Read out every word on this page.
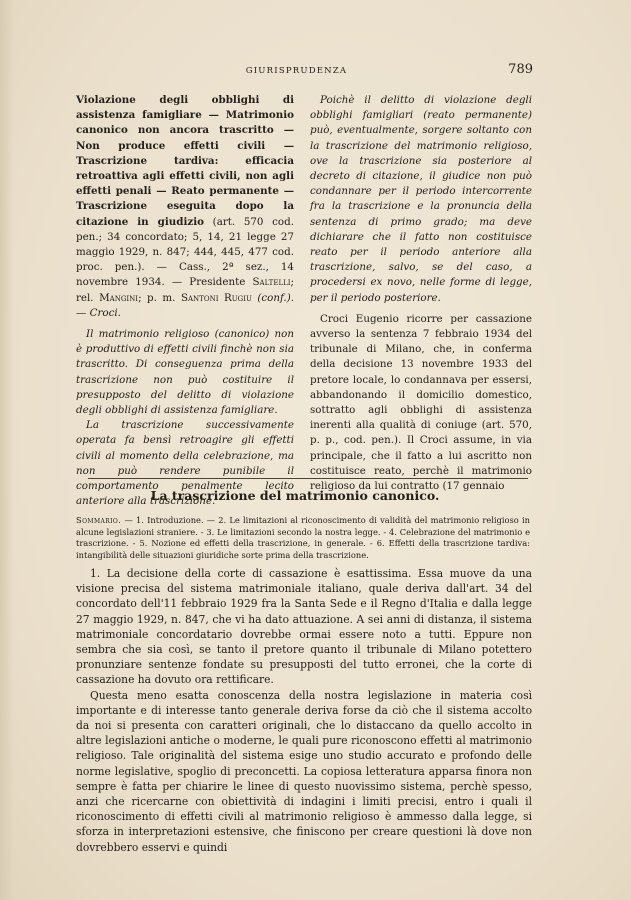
GIURISPRUDENZA	789

Violazione degli obblighi di assistenza famigliare — Matrimonio canonico non ancora trascritto — Non produce effetti civili — Trascrizione tardiva: efficacia retroattiva agli effetti civili, non agli effetti penali — Reato permanente — Trascrizione eseguita dopo la citazione in giudizio (art. 570 cod. pen.; 34 concordato; 5, 14, 21 legge 27 maggio 1929, n. 847; 444, 445, 477 cod. proc. pen.). — Cass., 2ª sez., 14 novembre 1934. — Presidente Saltelli; rel. Mangini; p. m. Santoni Rugiu (conf.). — Croci.

Il matrimonio religioso (canonico) non è produttivo di effetti civili finchè non sia trascritto. Di conseguenza prima della trascrizione non può costituire il presupposto del delitto di violazione degli obblighi di assistenza famigliare.

La trascrizione successivamente operata fa bensì retroagire gli effetti civili al momento della celebrazione, ma non può rendere punibile il comportamento penalmente lecito anteriore alla trascrizione.

Poichè il delitto di violazione degli obblighi famigliari (reato permanente) può, eventualmente, sorgere soltanto con la trascrizione del matrimonio religioso, ove la trascrizione sia posteriore al decreto di citazione, il giudice non può condannare per il periodo intercorrente fra la trascrizione e la pronuncia della sentenza di primo grado; ma deve dichiarare che il fatto non costituisce reato per il periodo anteriore alla trascrizione, salvo, se del caso, a procedersi ex novo, nelle forme di legge, per il periodo posteriore.

Croci Eugenio ricorre per cassazione avverso la sentenza 7 febbraio 1934 del tribunale di Milano, che, in conferma della decisione 13 novembre 1933 del pretore locale, lo condannava per essersi, abbandonando il domicilio domestico, sottratto agli obblighi di assistenza inerenti alla qualità di coniuge (art. 570, p. p., cod. pen.). Il Croci assume, in via principale, che il fatto a lui ascritto non costituisce reato, perchè il matrimonio religioso da lui contratto (17 gennaio

La trascrizione del matrimonio canonico.
Sommario. — 1. Introduzione. — 2. Le limitazioni al riconoscimento di validità del matrimonio religioso in alcune legislazioni straniere. - 3. Le limitazioni secondo la nostra legge. - 4. Celebrazione del matrimonio e trascrizione. - 5. Nozione ed effetti della trascrizione, in generale. - 6. Effetti della trascrizione tardiva: intangibilità delle situazioni giuridiche sorte prima della trascrizione.

1. La decisione della corte di cassazione è esattissima. Essa muove da una visione precisa del sistema matrimoniale italiano, quale deriva dall'art. 34 del concordato dell'11 febbraio 1929 fra la Santa Sede e il Regno d'Italia e dalla legge 27 maggio 1929, n. 847, che vi ha dato attuazione. A sei anni di distanza, il sistema matrimoniale concordatario dovrebbe ormai essere noto a tutti. Eppure non sembra che sia così, se tanto il pretore quanto il tribunale di Milano potettero pronunziare sentenze fondate su presupposti del tutto erronei, che la corte di cassazione ha dovuto ora rettificare.

Questa meno esatta conoscenza della nostra legislazione in materia così importante e di interesse tanto generale deriva forse da ciò che il sistema accolto da noi si presenta con caratteri originali, che lo distaccano da quello accolto in altre legislazioni antiche o moderne, le quali pure riconoscono effetti al matrimonio religioso. Tale originalità del sistema esige uno studio accurato e profondo delle norme legislative, spoglio di preconcetti. La copiosa letteratura apparsa finora non sempre è fatta per chiarire le linee di questo nuovissimo sistema, perchè spesso, anzi che ricercarne con obiettività di indagini i limiti precisi, entro i quali il riconoscimento di effetti civili al matrimonio religioso è ammesso dalla legge, si sforza in interpretazioni estensive, che finiscono per creare questioni là dove non dovrebbero esservi e quindi
